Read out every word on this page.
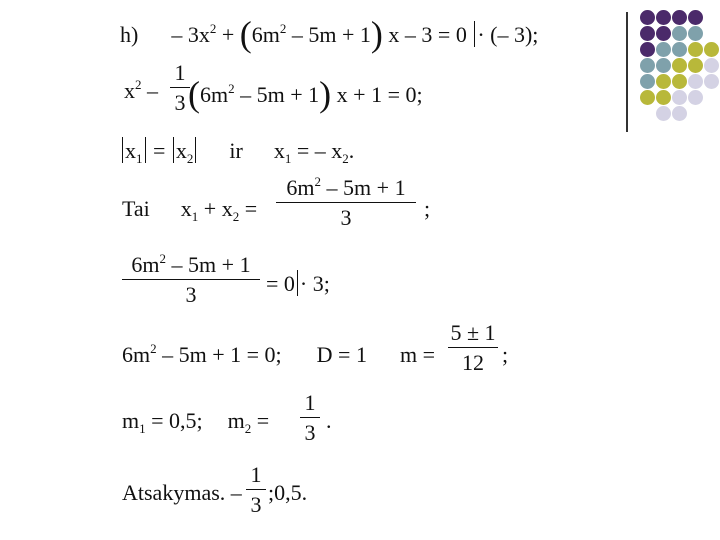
$h) - 3x^2 + (6m^2 - 5m + 1)$ x – 3 = 0 · (– 3);
$x^2$ –
1
3 $(6m^2 - 5m + 1) x + 1 = 0$;
$x_1 = x_2$ ir $x_1$ = – $x_2$.
Tai $x_1 + x_2$ =
$6m^2 - 5m + 1$
3	;
$6m^2 - 5m + 1$
3	= 0 · 3;
$6m^2 - 5m + 1 = 0$; D = 1 m =
5 ± 1
12 ;
$m_1 = 0,5$; $m_2$ =
1
3 .
Atsakymas. –
1
3 ;0,5.
